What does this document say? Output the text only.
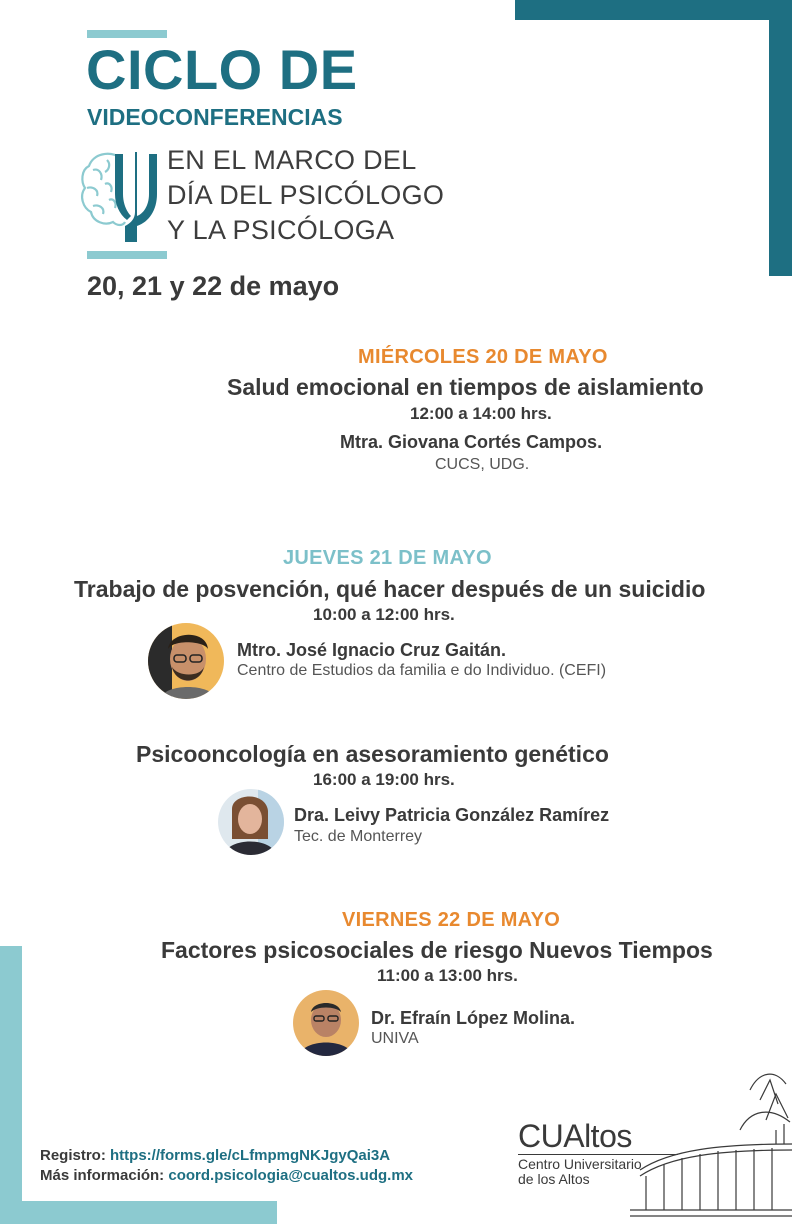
CICLO DE
VIDEOCONFERENCIAS
EN EL MARCO DEL
DÍA DEL PSICÓLOGO
Y LA PSICÓLOGA
20, 21 y 22 de mayo
MIÉRCOLES 20 DE MAYO
Salud emocional en tiempos de aislamiento
12:00 a 14:00 hrs.
Mtra. Giovana Cortés Campos.
CUCS, UDG.
JUEVES 21 DE MAYO
Trabajo de posvención, qué hacer después de un suicidio
10:00 a 12:00 hrs.
Mtro. José Ignacio Cruz Gaitán.
Centro de Estudios da familia e do Individuo. (CEFI)
Psicooncología en asesoramiento genético
16:00 a 19:00 hrs.
Dra. Leivy Patricia González Ramírez
Tec. de Monterrey
VIERNES 22 DE MAYO
Factores psicosociales de riesgo Nuevos Tiempos
11:00 a 13:00 hrs.
Dr. Efraín López Molina.
UNIVA
Registro: https://forms.gle/cLfmpmgNKJgyQai3A
Más información: coord.psicologia@cualtos.udg.mx
CUAltos
Centro Universitario
de los Altos
